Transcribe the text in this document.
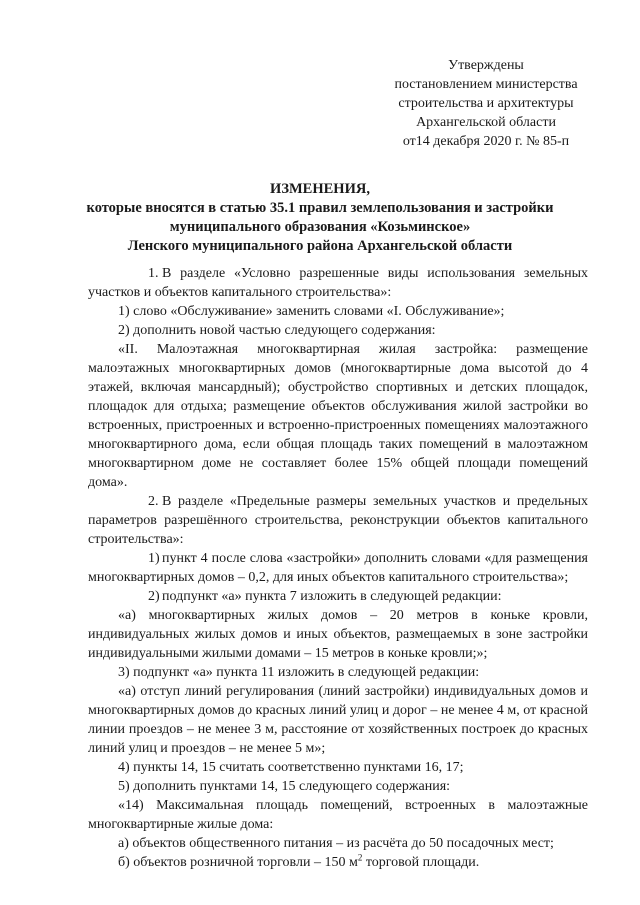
Утверждены
постановлением министерства
строительства и архитектуры
Архангельской области
от14 декабря 2020 г. № 85-п
ИЗМЕНЕНИЯ,
которые вносятся в статью 35.1 правил землепользования и застройки
муниципального образования «Козьминское»
Ленского муниципального района Архангельской области

1. В разделе «Условно разрешенные виды использования земельных участков и объектов капитального строительства»:

1) слово «Обслуживание» заменить словами «I. Обслуживание»;

2) дополнить новой частью следующего содержания:

«II. Малоэтажная многоквартирная жилая застройка: размещение малоэтажных многоквартирных домов (многоквартирные дома высотой до 4 этажей, включая мансардный); обустройство спортивных и детских площадок, площадок для отдыха; размещение объектов обслуживания жилой застройки во встроенных, пристроенных и встроенно-пристроенных помещениях малоэтажного многоквартирного дома, если общая площадь таких помещений в малоэтажном многоквартирном доме не составляет более 15% общей площади помещений дома».

2. В разделе «Предельные размеры земельных участков и предельных параметров разрешённого строительства, реконструкции объектов капитального строительства»:

1) пункт 4 после слова «застройки» дополнить словами «для размещения многоквартирных домов – 0,2, для иных объектов капитального строительства»;

2) подпункт «а» пункта 7 изложить в следующей редакции:

«а) многоквартирных жилых домов – 20 метров в коньке кровли, индивидуальных жилых домов и иных объектов, размещаемых в зоне застройки индивидуальными жилыми домами – 15 метров в коньке кровли;»;

3) подпункт «а» пункта 11 изложить в следующей редакции:

«а) отступ линий регулирования (линий застройки) индивидуальных домов и многоквартирных домов до красных линий улиц и дорог – не менее 4 м, от красной линии проездов – не менее 3 м, расстояние от хозяйственных построек до красных линий улиц и проездов – не менее 5 м»;

4) пункты 14, 15 считать соответственно пунктами 16, 17;

5) дополнить пунктами 14, 15 следующего содержания:

«14) Максимальная площадь помещений, встроенных в малоэтажные многоквартирные жилые дома:

а) объектов общественного питания – из расчёта до 50 посадочных мест;

б) объектов розничной торговли – 150 $м^2$ торговой площади.
